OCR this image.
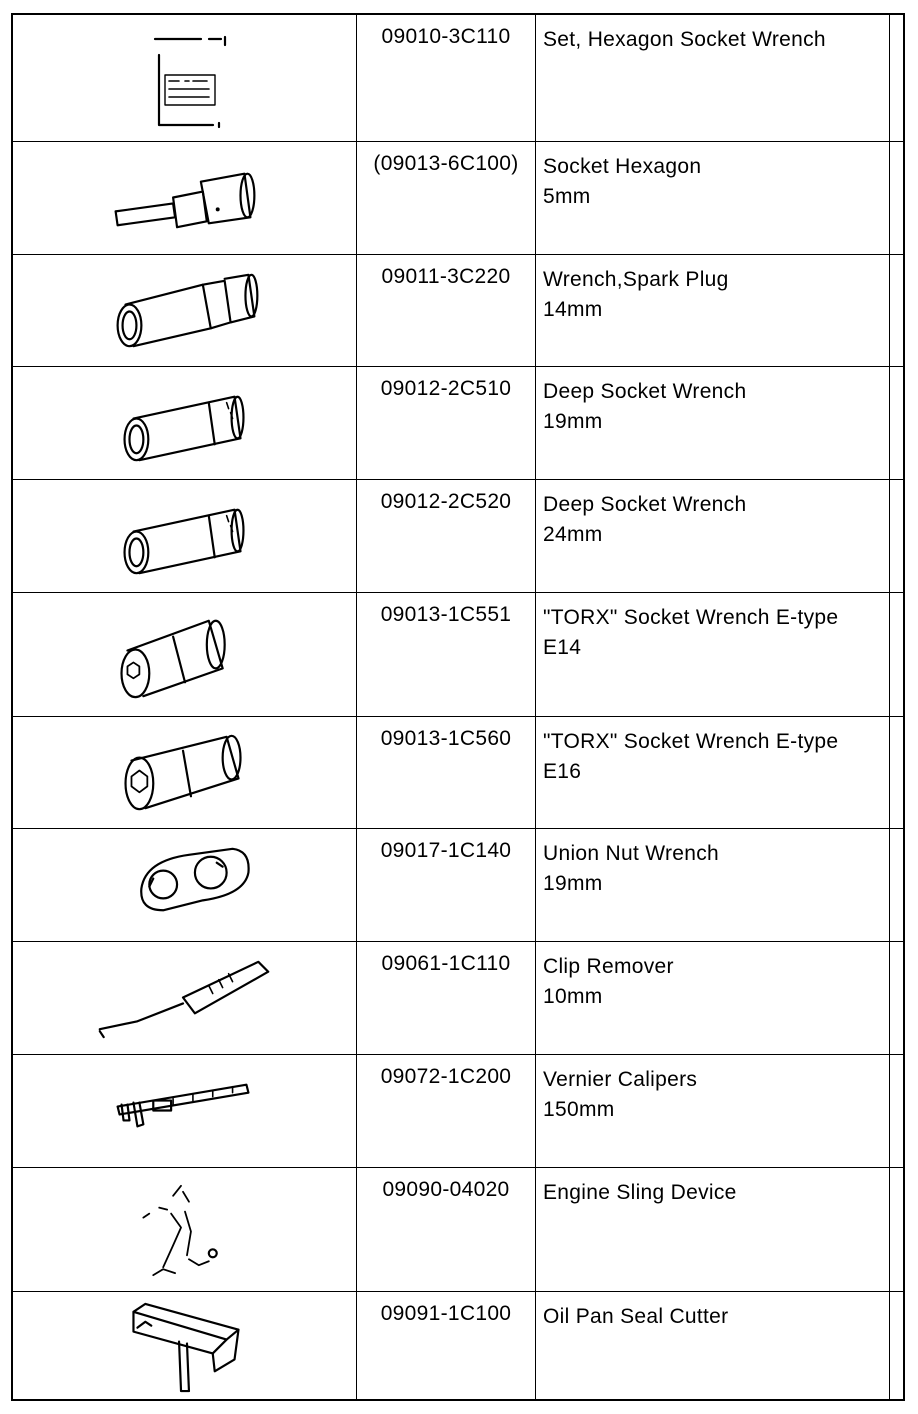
09010-3C110	Set, Hexagon Socket Wrench
(09013-6C100)	Socket Hexagon
5mm
09011-3C220	Wrench,Spark Plug
14mm
09012-2C510	Deep Socket Wrench
19mm
09012-2C520	Deep Socket Wrench
24mm
09013-1C551	"TORX" Socket Wrench E-type
E14
09013-1C560	"TORX" Socket Wrench E-type
E16
09017-1C140	Union Nut Wrench
19mm
09061-1C110	Clip Remover
10mm
09072-1C200	Vernier Calipers
150mm
09090-04020	Engine Sling Device
09091-1C100	Oil Pan Seal Cutter
